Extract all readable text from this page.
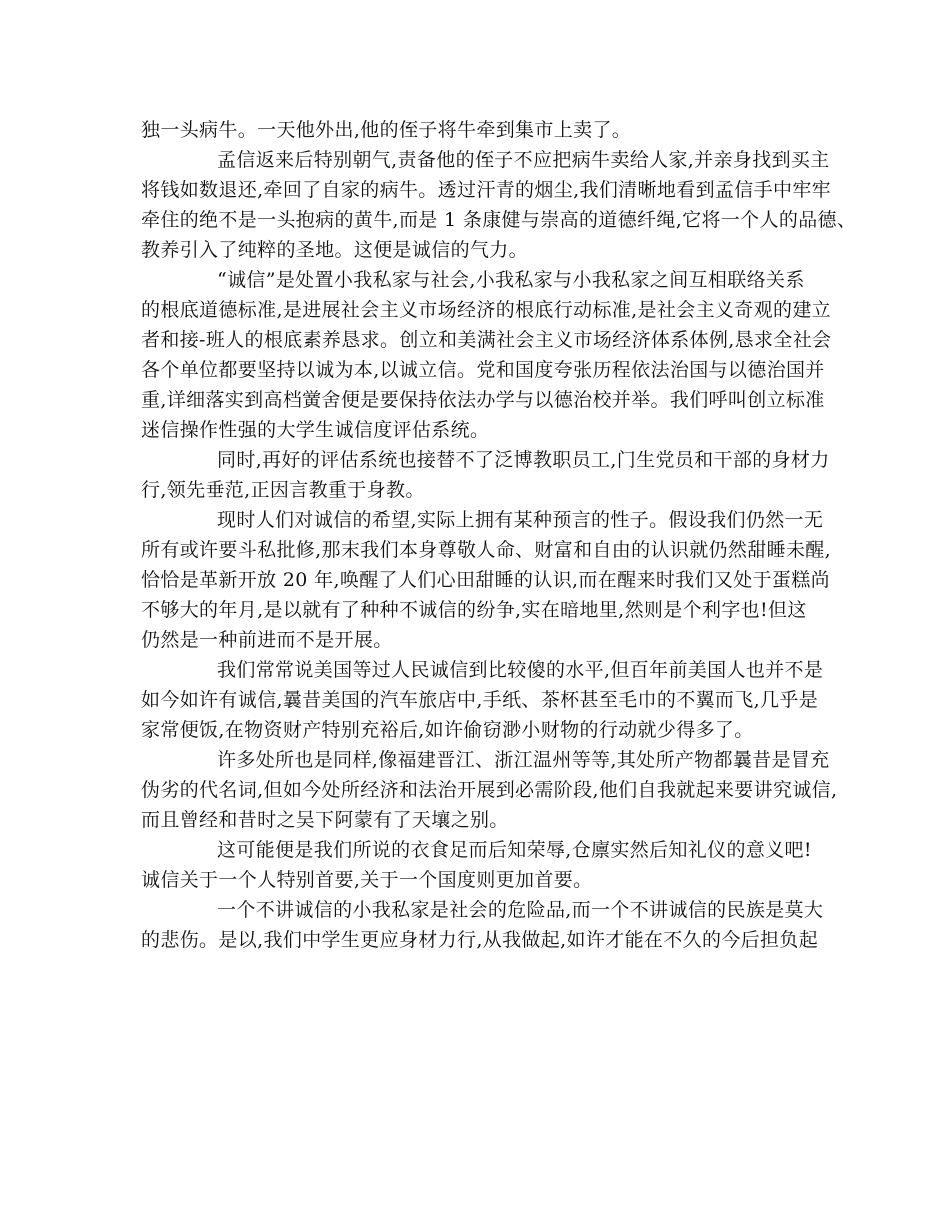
独一头病牛。一天他外出,他的侄子将牛牵到集市上卖了。
孟信返来后特别朝气,责备他的侄子不应把病牛卖给人家,并亲身找到买主
将钱如数退还,牵回了自家的病牛。透过汗青的烟尘,我们清晰地看到孟信手中牢牢
牵住的绝不是一头抱病的黄牛,而是 1 条康健与崇高的道德纤绳,它将一个人的品德、
教养引入了纯粹的圣地。这便是诚信的气力。
“诚信”是处置小我私家与社会,小我私家与小我私家之间互相联络关系
的根底道德标准,是进展社会主义市场经济的根底行动标准,是社会主义奇观的建立
者和接-班人的根底素养恳求。创立和美满社会主义市场经济体系体例,恳求全社会
各个单位都要坚持以诚为本,以诚立信。党和国度夸张历程依法治国与以德治国并
重,详细落实到高档黉舍便是要保持依法办学与以德治校并举。我们呼叫创立标准
迷信操作性强的大学生诚信度评估系统。
同时,再好的评估系统也接替不了泛博教职员工,门生党员和干部的身材力
行,领先垂范,正因言教重于身教。
现时人们对诚信的希望,实际上拥有某种预言的性子。假设我们仍然一无
所有或许要斗私批修,那末我们本身尊敬人命、财富和自由的认识就仍然甜睡未醒,
恰恰是革新开放 20 年,唤醒了人们心田甜睡的认识,而在醒来时我们又处于蛋糕尚
不够大的年月,是以就有了种种不诚信的纷争,实在暗地里,然则是个利字也!但这
仍然是一种前进而不是开展。
我们常常说美国等过人民诚信到比较傻的水平,但百年前美国人也并不是
如今如许有诚信,曩昔美国的汽车旅店中,手纸、茶杯甚至毛巾的不翼而飞,几乎是
家常便饭,在物资财产特别充裕后,如许偷窃渺小财物的行动就少得多了。
许多处所也是同样,像福建晋江、浙江温州等等,其处所产物都曩昔是冒充
伪劣的代名词,但如今处所经济和法治开展到必需阶段,他们自我就起来要讲究诚信,
而且曾经和昔时之吴下阿蒙有了天壤之别。
这可能便是我们所说的衣食足而后知荣辱,仓廪实然后知礼仪的意义吧!
诚信关于一个人特别首要,关于一个国度则更加首要。
一个不讲诚信的小我私家是社会的危险品,而一个不讲诚信的民族是莫大
的悲伤。是以,我们中学生更应身材力行,从我做起,如许才能在不久的今后担负起
